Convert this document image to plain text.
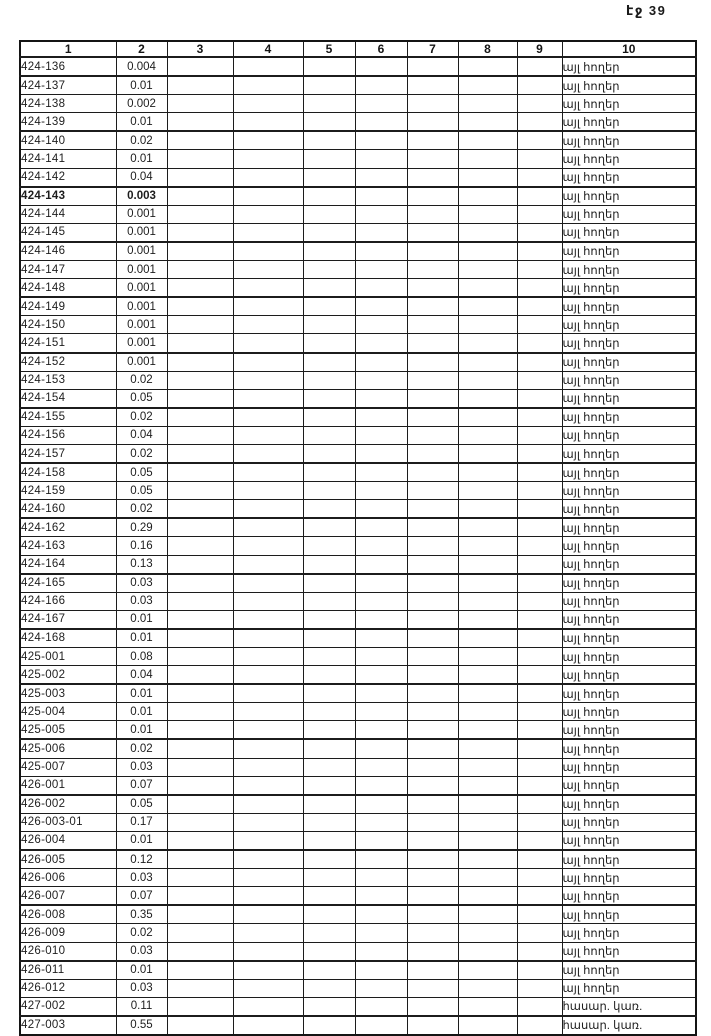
էջ 39
1	2	3	4	5	6	7	8	9	10
424-136	0.004								այլ հողեր
424-137	0.01								այլ հողեր
424-138	0.002								այլ հողեր
424-139	0.01								այլ հողեր
424-140	0.02								այլ հողեր
424-141	0.01								այլ հողեր
424-142	0.04								այլ հողեր
424-143	0.003								այլ հողեր
424-144	0.001								այլ հողեր
424-145	0.001								այլ հողեր
424-146	0.001								այլ հողեր
424-147	0.001								այլ հողեր
424-148	0.001								այլ հողեր
424-149	0.001								այլ հողեր
424-150	0.001								այլ հողեր
424-151	0.001								այլ հողեր
424-152	0.001								այլ հողեր
424-153	0.02								այլ հողեր
424-154	0.05								այլ հողեր
424-155	0.02								այլ հողեր
424-156	0.04								այլ հողեր
424-157	0.02								այլ հողեր
424-158	0.05								այլ հողեր
424-159	0.05								այլ հողեր
424-160	0.02								այլ հողեր
424-162	0.29								այլ հողեր
424-163	0.16								այլ հողեր
424-164	0.13								այլ հողեր
424-165	0.03								այլ հողեր
424-166	0.03								այլ հողեր
424-167	0.01								այլ հողեր
424-168	0.01								այլ հողեր
425-001	0.08								այլ հողեր
425-002	0.04								այլ հողեր
425-003	0.01								այլ հողեր
425-004	0.01								այլ հողեր
425-005	0.01								այլ հողեր
425-006	0.02								այլ հողեր
425-007	0.03								այլ հողեր
426-001	0.07								այլ հողեր
426-002	0.05								այլ հողեր
426-003-01	0.17								այլ հողեր
426-004	0.01								այլ հողեր
426-005	0.12								այլ հողեր
426-006	0.03								այլ հողեր
426-007	0.07								այլ հողեր
426-008	0.35								այլ հողեր
426-009	0.02								այլ հողեր
426-010	0.03								այլ հողեր
426-011	0.01								այլ հողեր
426-012	0.03								այլ հողեր
427-002	0.11								հասար. կառ.
427-003	0.55								հասար. կառ.
